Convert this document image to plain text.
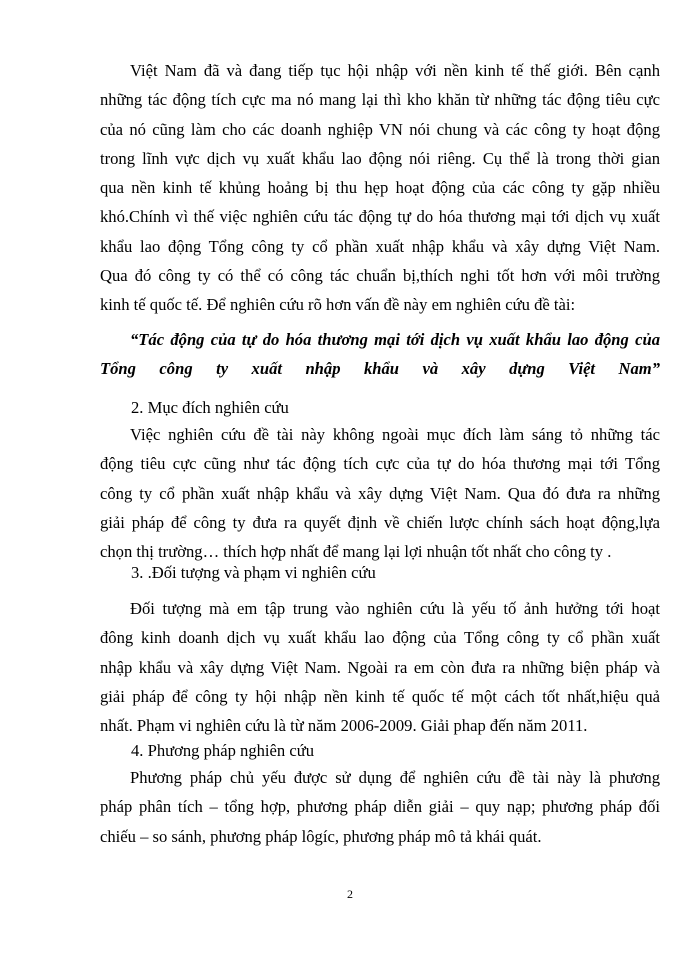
Việt Nam đã và đang tiếp tục hội nhập với nền kinh tế thế giới. Bên cạnh
những tác động tích cực ma nó mang lại thì kho khăn từ những tác động tiêu cực
của nó cũng làm cho các doanh nghiệp VN nói chung và các công ty hoạt động
trong lĩnh vực dịch vụ xuất khẩu lao động nói riêng. Cụ thể là trong thời gian
qua nền kinh tế khủng hoảng bị thu hẹp hoạt động của các công ty gặp nhiều
khó.Chính vì thế việc nghiên cứu tác động tự do hóa thương mại tới dịch vụ xuất
khẩu lao động Tổng công ty cổ phần xuất nhập khẩu và xây dựng Việt Nam.
Qua đó công ty có thể có công tác chuẩn bị,thích nghi tốt hơn với môi trường
kinh tế quốc tế. Để nghiên cứu rõ hơn vấn đề này em nghiên cứu đề tài:
“Tác động của tự do hóa thương mại tới dịch vụ xuất khẩu lao động của
Tổng công ty xuất nhập khẩu và xây dựng Việt Nam”
2. Mục đích nghiên cứu
Việc nghiên cứu đề tài này không ngoài mục đích làm sáng tỏ những tác
động tiêu cực cũng như tác động tích cực của tự do hóa thương mại tới Tổng
công ty cổ phần xuất nhập khẩu và xây dựng Việt Nam. Qua đó đưa ra những
giải pháp để công ty đưa ra quyết định về chiến lược chính sách hoạt động,lựa
chọn thị trường… thích hợp nhất để mang lại lợi nhuận tốt nhất cho công ty .
3. .Đối tượng và phạm vi nghiên cứu
Đối tượng mà em tập trung vào nghiên cứu là yếu tố ảnh hưởng tới hoạt
đông kinh doanh dịch vụ xuất khẩu lao động của Tổng công ty cổ phần xuất
nhập khẩu và xây dựng Việt Nam. Ngoài ra em còn đưa ra những biện pháp và
giải pháp để công ty hội nhập nền kinh tế quốc tế một cách tốt nhất,hiệu quả
nhất. Phạm vi nghiên cứu là từ năm 2006-2009. Giải phap đến năm 2011.
4. Phương pháp nghiên cứu
Phương pháp chủ yếu được sử dụng để nghiên cứu đề tài này là phương
pháp phân tích – tổng hợp, phương pháp diễn giải – quy nạp; phương pháp đối
chiếu – so sánh, phương pháp lôgíc, phương pháp mô tả khái quát.
2
